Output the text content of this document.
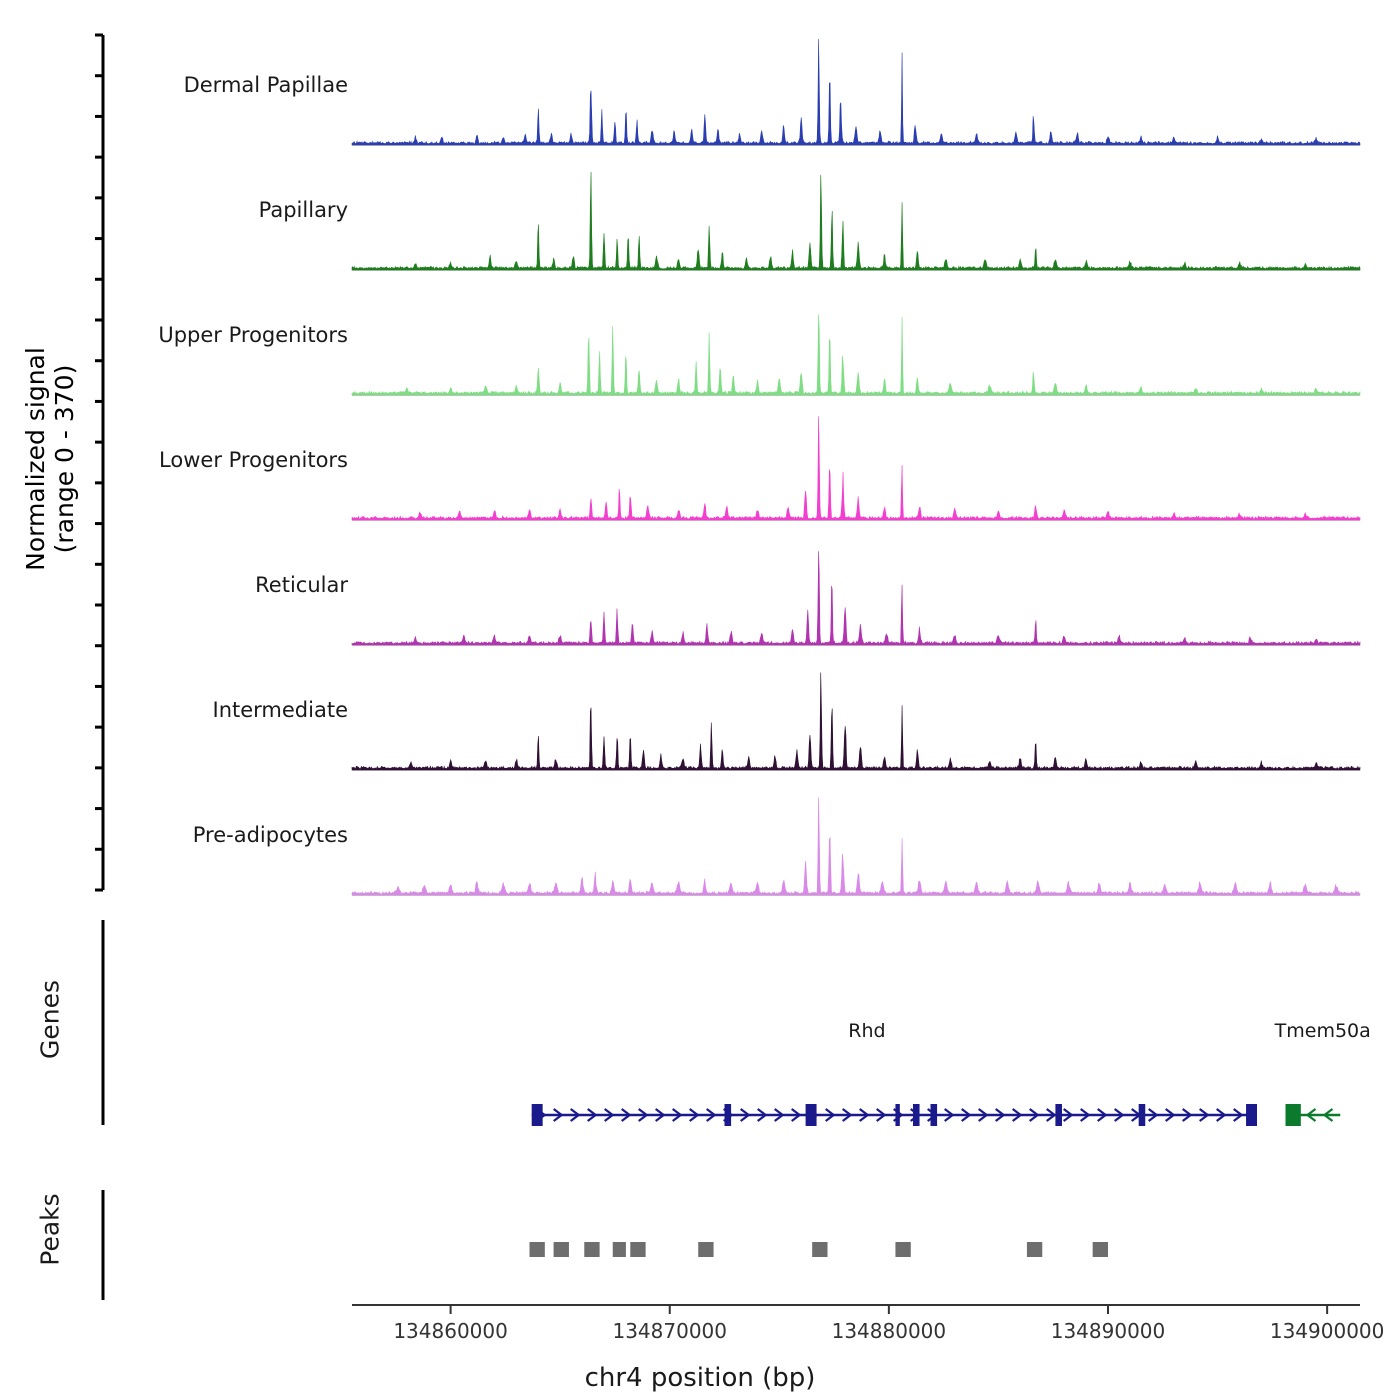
Dermal Papillae
Papillary
Upper Progenitors
Lower Progenitors
Reticular
Intermediate
Pre-adipocytes
Rhd	Tmem50a
134860000	134870000	134880000	134890000	134900000
Normalized signal (range 0 - 370)
Genes
Peaks
chr4 position (bp)
